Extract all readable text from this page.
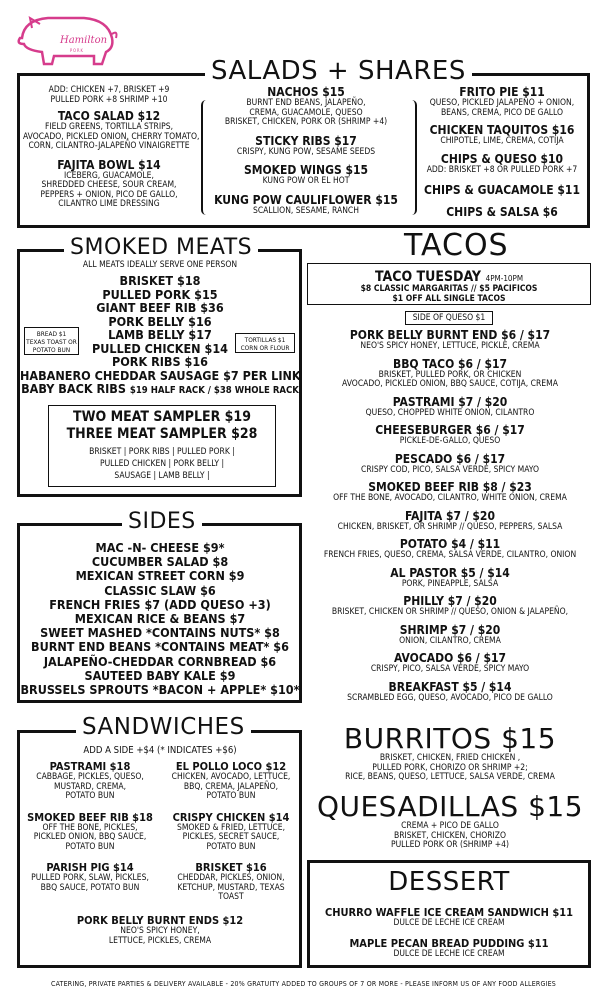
Hamilton
PORK
SALADS + SHARES
ADD: CHICKEN +7, BRISKET +9
PULLED PORK +8 SHRIMP +10
TACO SALAD $12
FIELD GREENS, TORTILLA STRIPS,
AVOCADO, PICKLED ONION, CHERRY TOMATO,
CORN, CILANTRO-JALAPEÑO VINAIGRETTE
FAJITA BOWL $14
ICEBERG, GUACAMOLE,
SHREDDED CHEESE, SOUR CREAM,
PEPPERS + ONION, PICO DE GALLO,
CILANTRO LIME DRESSING
NACHOS $15
BURNT END BEANS, JALAPEÑO,
CREMA, GUACAMOLE, QUESO
BRISKET, CHICKEN, PORK OR (SHRIMP +4)
STICKY RIBS $17
CRISPY, KUNG POW, SESAME SEEDS
SMOKED WINGS $15
KUNG POW OR EL HOT
KUNG POW CAULIFLOWER $15
SCALLION, SESAME, RANCH
FRITO PIE $11
QUESO, PICKLED JALAPEÑO + ONION,
BEANS, CREMA, PICO DE GALLO
CHICKEN TAQUITOS $16
CHIPOTLE, LIME, CREMA, COTIJA
CHIPS & QUESO $10
ADD: BRISKET +8 OR PULLED PORK +7
CHIPS & GUACAMOLE $11
CHIPS & SALSA $6
SMOKED MEATS
ALL MEATS IDEALLY SERVE ONE PERSON
BREAD $1
TEXAS TOAST OR
POTATO BUN
TORTILLAS $1
CORN OR FLOUR
BRISKET $18
PULLED PORK $15
GIANT BEEF RIB $36
PORK BELLY $16
LAMB BELLY $17
PULLED CHICKEN $14
PORK RIBS $16
HABANERO CHEDDAR SAUSAGE $7 PER LINK
BABY BACK RIBS $19 HALF RACK / $38 WHOLE RACK
TWO MEAT SAMPLER $19
THREE MEAT SAMPLER $28
BRISKET | PORK RIBS | PULLED PORK |
PULLED CHICKEN | PORK BELLY |
SAUSAGE | LAMB BELLY |
SIDES
MAC -N- CHEESE $9*
CUCUMBER SALAD $8
MEXICAN STREET CORN $9
CLASSIC SLAW $6
FRENCH FRIES $7 (ADD QUESO +3)
MEXICAN RICE & BEANS $7
SWEET MASHED *CONTAINS NUTS* $8
BURNT END BEANS *CONTAINS MEAT* $6
JALAPEÑO-CHEDDAR CORNBREAD $6
SAUTEED BABY KALE $9
BRUSSELS SPROUTS *BACON + APPLE* $10*
SANDWICHES
ADD A SIDE +$4 (* INDICATES +$6)
PASTRAMI $18
CABBAGE, PICKLES, QUESO,
MUSTARD, CREMA,
POTATO BUN
SMOKED BEEF RIB $18
OFF THE BONE, PICKLES,
PICKLED ONION, BBQ SAUCE,
POTATO BUN
PARISH PIG $14
PULLED PORK, SLAW, PICKLES,
BBQ SAUCE, POTATO BUN
EL POLLO LOCO $12
CHICKEN, AVOCADO, LETTUCE,
BBQ, CREMA, JALAPEÑO,
POTATO BUN
CRISPY CHICKEN $14
SMOKED & FRIED, LETTUCE,
PICKLES, SECRET SAUCE,
POTATO BUN
BRISKET $16
CHEDDAR, PICKLES, ONION,
KETCHUP, MUSTARD, TEXAS
TOAST
PORK BELLY BURNT ENDS $12
NEO'S SPICY HONEY,
LETTUCE, PICKLES, CREMA
TACOS
TACO TUESDAY 4PM-10PM
$8 CLASSIC MARGARITAS // $5 PACIFICOS
$1 OFF ALL SINGLE TACOS
SIDE OF QUESO $1
PORK BELLY BURNT END $6 / $17
NEO'S SPICY HONEY, LETTUCE, PICKLE, CREMA
BBQ TACO $6 / $17
BRISKET, PULLED PORK, OR CHICKEN
AVOCADO, PICKLED ONION, BBQ SAUCE, COTIJA, CREMA
PASTRAMI $7 / $20
QUESO, CHOPPED WHITE ONION, CILANTRO
CHEESEBURGER $6 / $17
PICKLE-DE-GALLO, QUESO
PESCADO $6 / $17
CRISPY COD, PICO, SALSA VERDE, SPICY MAYO
SMOKED BEEF RIB $8 / $23
OFF THE BONE, AVOCADO, CILANTRO, WHITE ONION, CREMA
FAJITA $7 / $20
CHICKEN, BRISKET, OR SHRIMP // QUESO, PEPPERS, SALSA
POTATO $4 / $11
FRENCH FRIES, QUESO, CREMA, SALSA VERDE, CILANTRO, ONION
AL PASTOR $5 / $14
PORK, PINEAPPLE, SALSA
PHILLY $7 / $20
BRISKET, CHICKEN OR SHRIMP // QUESO, ONION & JALAPEÑO,
SHRIMP $7 / $20
ONION, CILANTRO, CREMA
AVOCADO $6 / $17
CRISPY, PICO, SALSA VERDE, SPICY MAYO
BREAKFAST $5 / $14
SCRAMBLED EGG, QUESO, AVOCADO, PICO DE GALLO
BURRITOS $15
BRISKET, CHICKEN, FRIED CHICKEN ,
PULLED PORK, CHORIZO OR SHRIMP +2;
RICE, BEANS, QUESO, LETTUCE, SALSA VERDE, CREMA
QUESADILLAS $15
CREMA + PICO DE GALLO
BRISKET, CHICKEN, CHORIZO
PULLED PORK OR (SHRIMP +4)
DESSERT
CHURRO WAFFLE ICE CREAM SANDWICH $11
DULCE DE LECHE ICE CREAM
MAPLE PECAN BREAD PUDDING $11
DULCE DE LECHE ICE CREAM
CATERING, PRIVATE PARTIES & DELIVERY AVAILABLE - 20% GRATUITY ADDED TO GROUPS OF 7 OR MORE - PLEASE INFORM US OF ANY FOOD ALLERGIES
